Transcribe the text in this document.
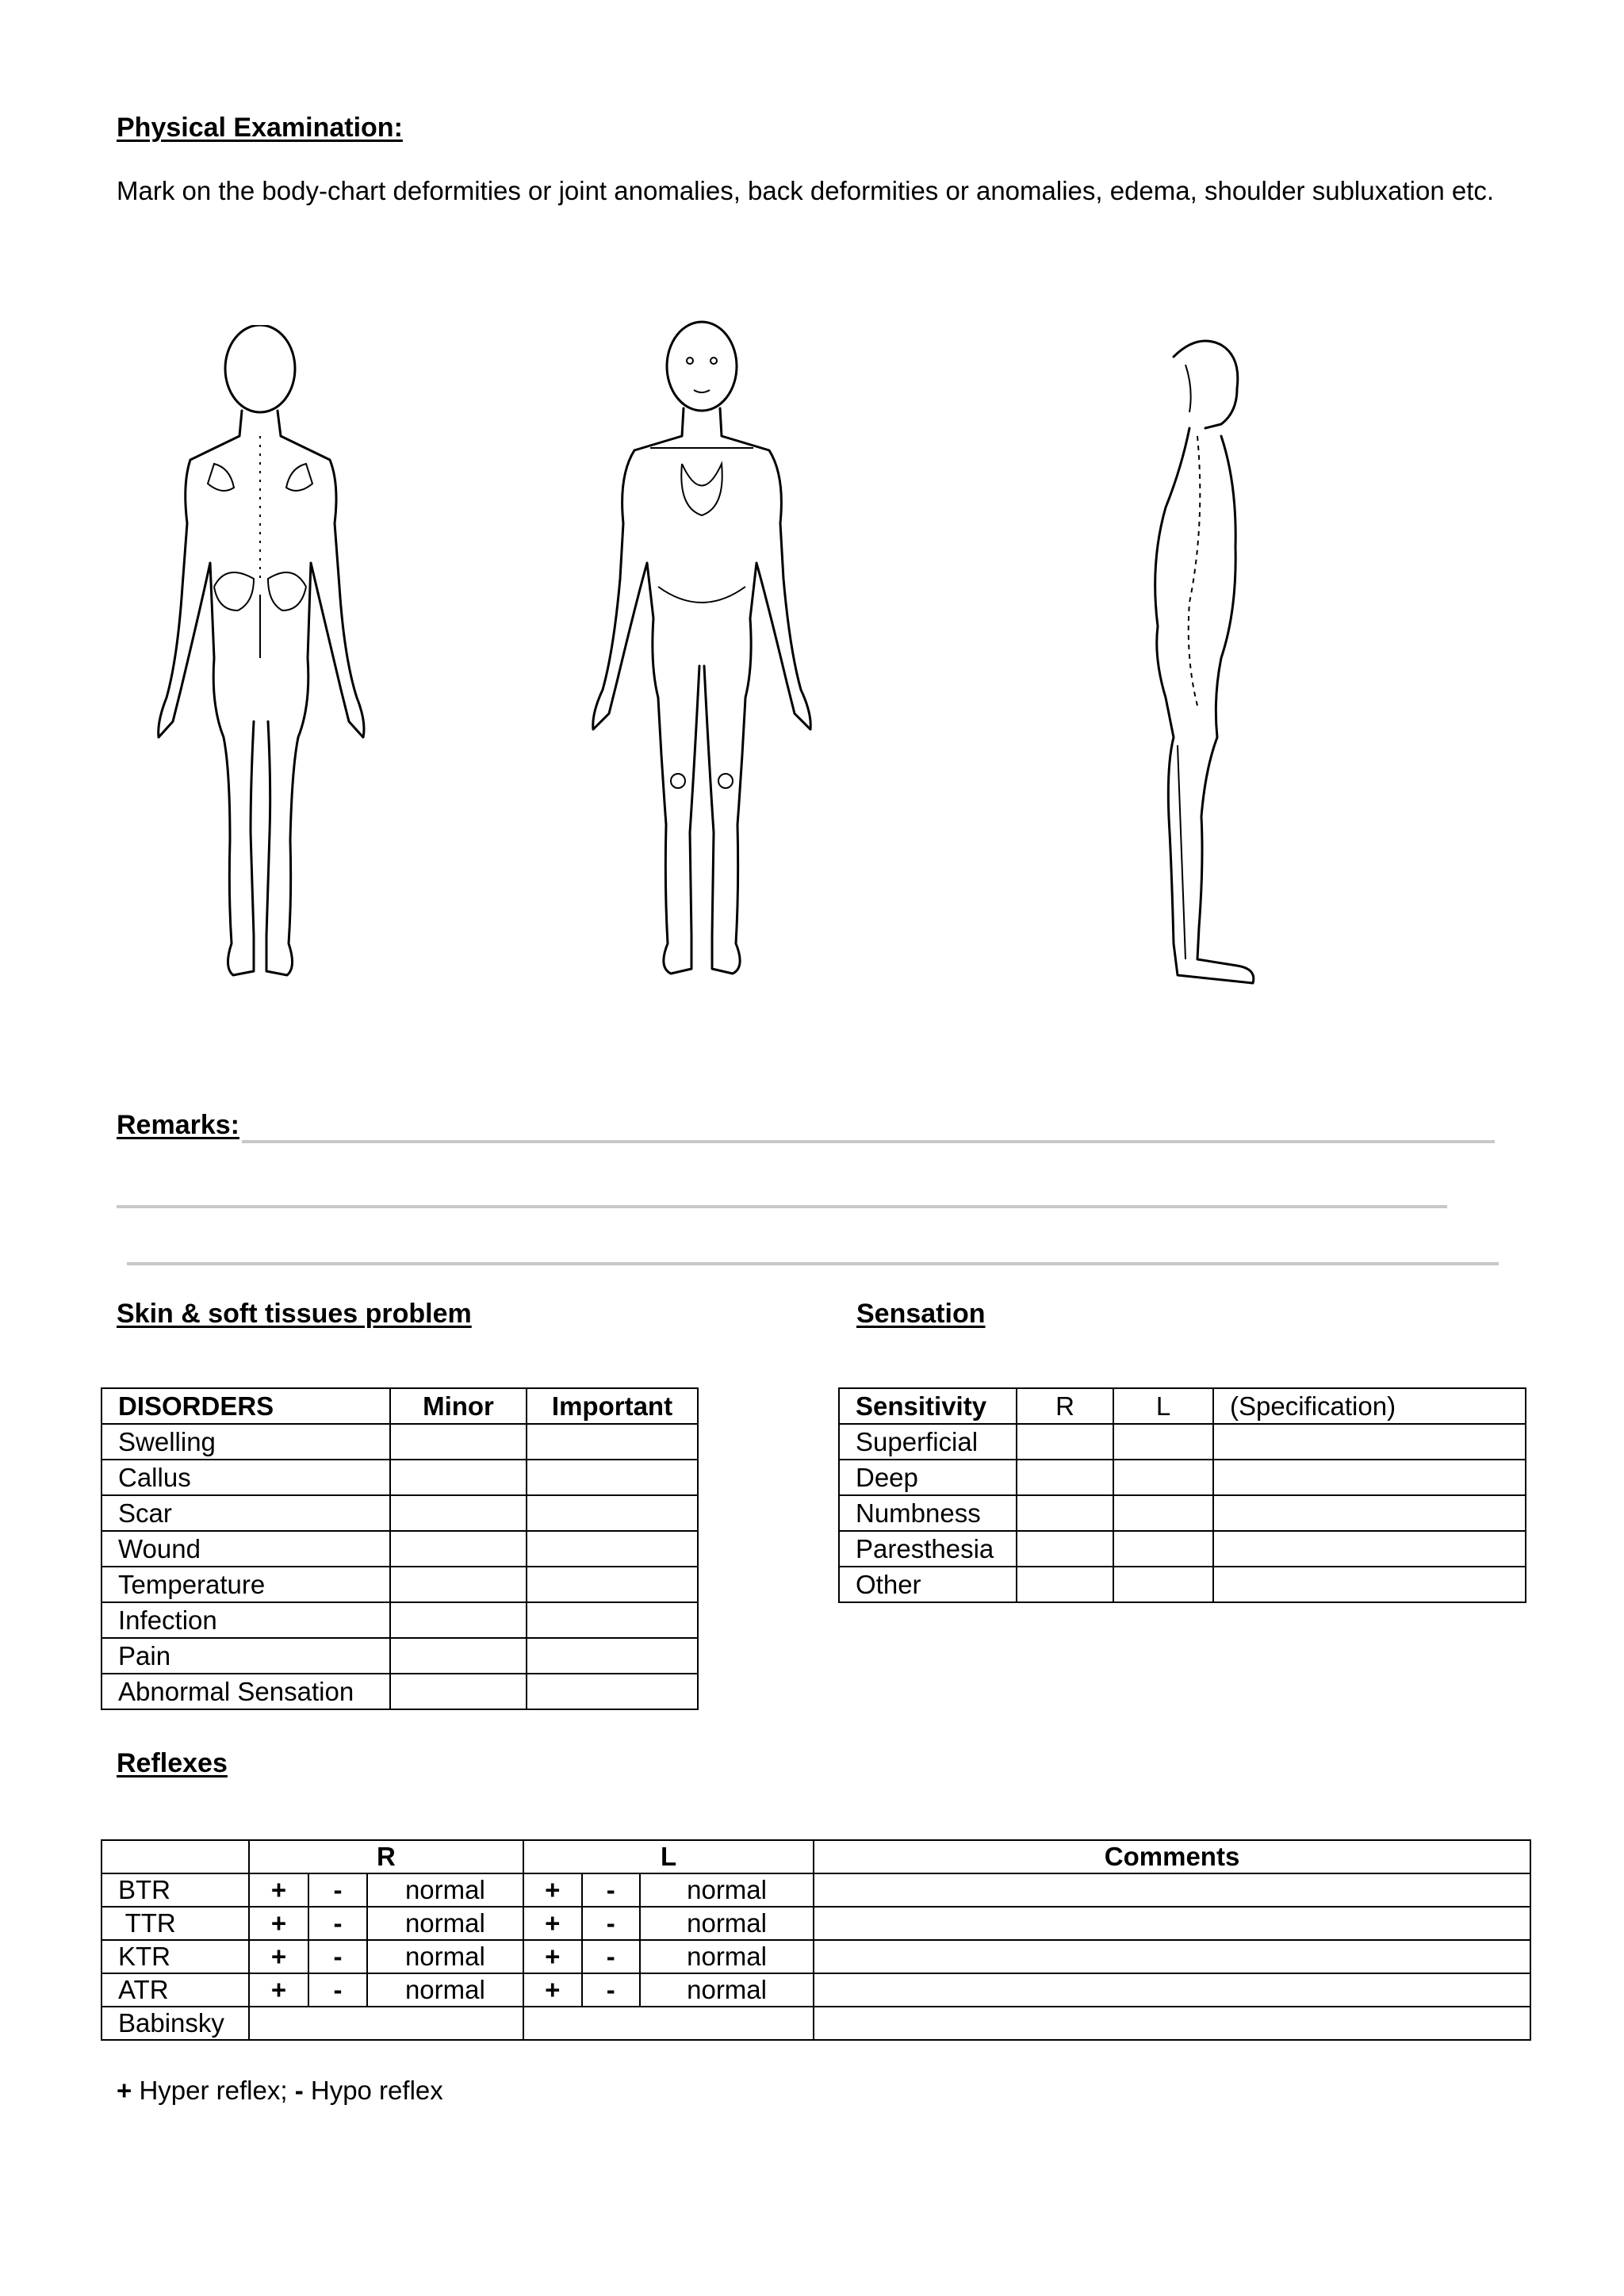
Physical Examination:
Mark on the body-chart deformities or joint anomalies, back deformities or anomalies, edema, shoulder subluxation etc.
Remarks:
Skin & soft tissues problem	Sensation
DISORDERS	Minor	Important
Swelling		
Callus		
Scar		
Wound		
Temperature		
Infection		
Pain		
Abnormal Sensation		
Sensitivity	R	L	(Specification)
Superficial			
Deep			
Numbness			
Paresthesia			
Other			
Reflexes
	R			L			Comments
BTR	+	-	normal	+	-	normal	
TTR	+	-	normal	+	-	normal	
KTR	+	-	normal	+	-	normal	
ATR	+	-	normal	+	-	normal	
Babinsky							
+ Hyper reflex; - Hypo reflex
